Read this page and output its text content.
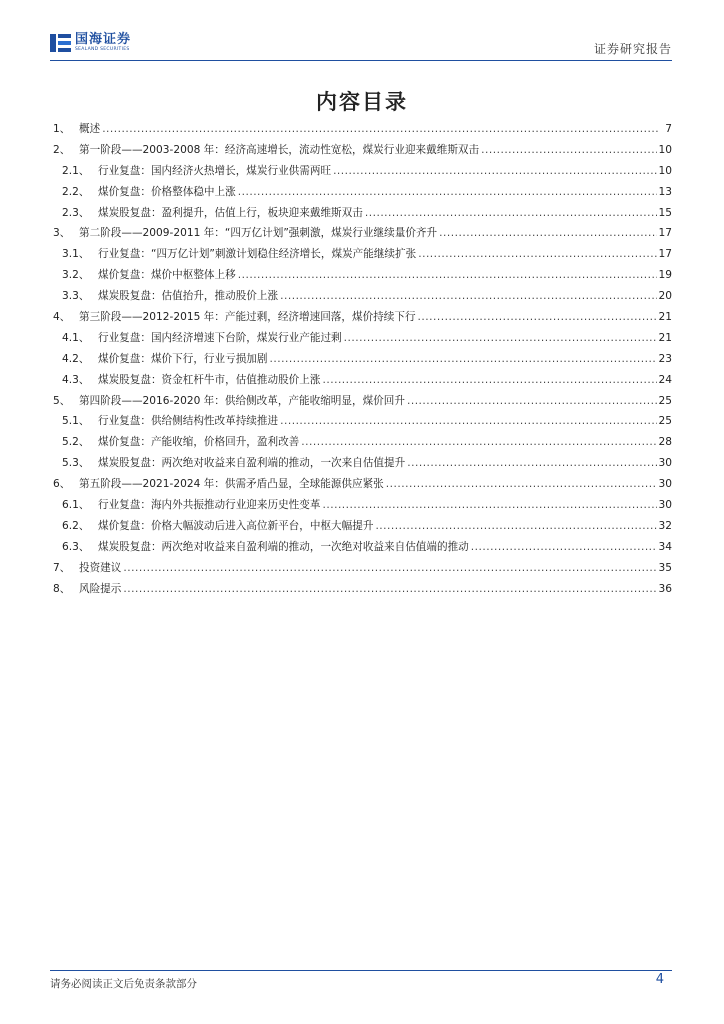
国海证券
SEALAND SECURITIES	证券研究报告
内容目录
1、 概述 .....	7
2、 第一阶段——2003-2008 年：经济高速增长，流动性宽松，煤炭行业迎来戴维斯双击 .....	10
2.1、 行业复盘：国内经济火热增长，煤炭行业供需两旺 .....	10
2.2、 煤价复盘：价格整体稳中上涨 .....	13
2.3、 煤炭股复盘：盈利提升，估值上行，板块迎来戴维斯双击 .....	15
3、 第二阶段——2009-2011 年：“四万亿计划”强刺激，煤炭行业继续量价齐升 .....	17
3.1、 行业复盘：“四万亿计划”刺激计划稳住经济增长，煤炭产能继续扩张 .....	17
3.2、 煤价复盘：煤价中枢整体上移 .....	19
3.3、 煤炭股复盘：估值抬升，推动股价上涨 .....	20
4、 第三阶段——2012-2015 年：产能过剩，经济增速回落，煤价持续下行 .....	21
4.1、 行业复盘：国内经济增速下台阶，煤炭行业产能过剩 .....	21
4.2、 煤价复盘：煤价下行，行业亏损加剧 .....	23
4.3、 煤炭股复盘：资金杠杆牛市，估值推动股价上涨 .....	24
5、 第四阶段——2016-2020 年：供给侧改革，产能收缩明显，煤价回升 .....	25
5.1、 行业复盘：供给侧结构性改革持续推进 .....	25
5.2、 煤价复盘：产能收缩，价格回升，盈利改善 .....	28
5.3、 煤炭股复盘：两次绝对收益来自盈利端的推动，一次来自估值提升 .....	30
6、 第五阶段——2021-2024 年：供需矛盾凸显，全球能源供应紧张 .....	30
6.1、 行业复盘：海内外共振推动行业迎来历史性变革 .....	30
6.2、 煤价复盘：价格大幅波动后进入高位新平台，中枢大幅提升 .....	32
6.3、 煤炭股复盘：两次绝对收益来自盈利端的推动，一次绝对收益来自估值端的推动 .....	34
7、 投资建议 .....	35
8、 风险提示 .....	36
请务必阅读正文后免责条款部分	4
